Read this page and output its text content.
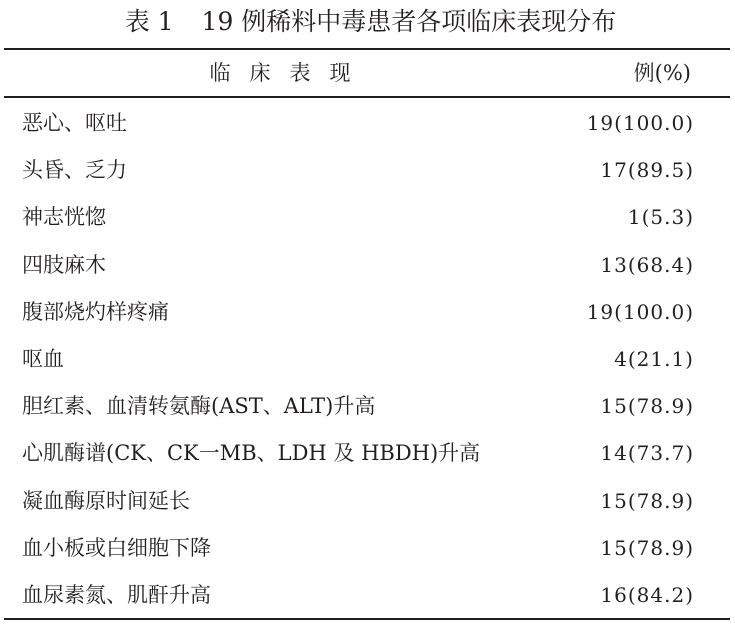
表 1 19 例稀料中毒患者各项临床表现分布
临床表现	例(%)
恶心、呕吐	19(100.0)
头昏、乏力	17(89.5)
神志恍惚	1(5.3)
四肢麻木	13(68.4)
腹部烧灼样疼痛	19(100.0)
呕血	4(21.1)
胆红素、血清转氨酶(AST、ALT)升高	15(78.9)
心肌酶谱(CK、CK一MB、LDH 及 HBDH)升高	14(73.7)
凝血酶原时间延长	15(78.9)
血小板或白细胞下降	15(78.9)
血尿素氮、肌酐升高	16(84.2)
